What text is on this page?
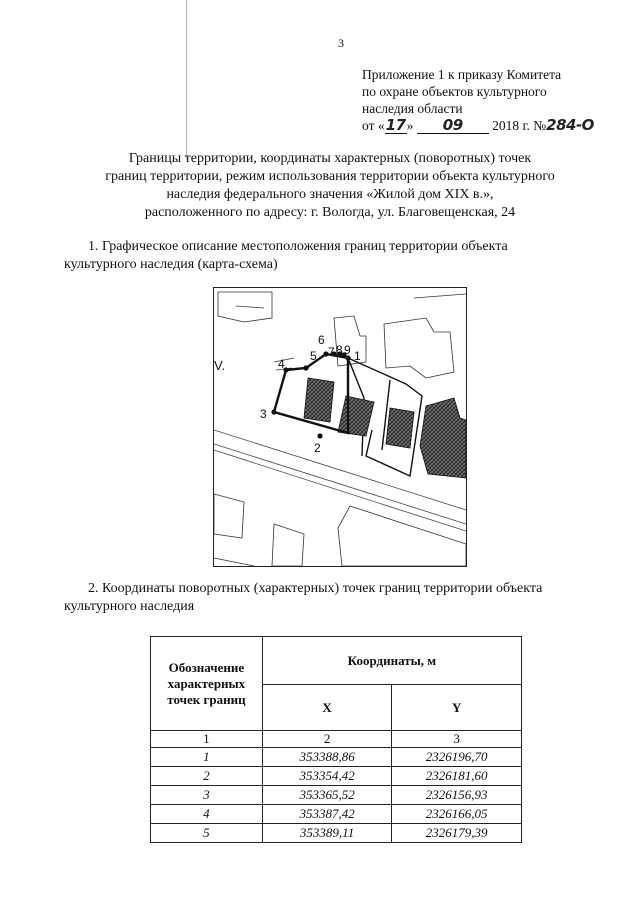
3
Приложение 1 к приказу Комитета
по охране объектов культурного
наследия области
от «17» 09 2018 г. №284-О
Границы территории, координаты характерных (поворотных) точек
границ территории, режим использования территории объекта культурного
наследия федерального значения «Жилой дом XIX в.»,
расположенного по адресу: г. Вологда, ул. Благовещенская, 24
1. Графическое описание местоположения границ территории объекта
культурного наследия (карта-схема)
1
2
3
4
5
6
7 8 9
V.
2. Координаты поворотных (характерных) точек границ территории объекта
культурного наследия
Обозначение характерных точек границ	Координаты, м	
	X	Y
1	2	3
1	353388,86	2326196,70
2	353354,42	2326181,60
3	353365,52	2326156,93
4	353387,42	2326166,05
5	353389,11	2326179,39
